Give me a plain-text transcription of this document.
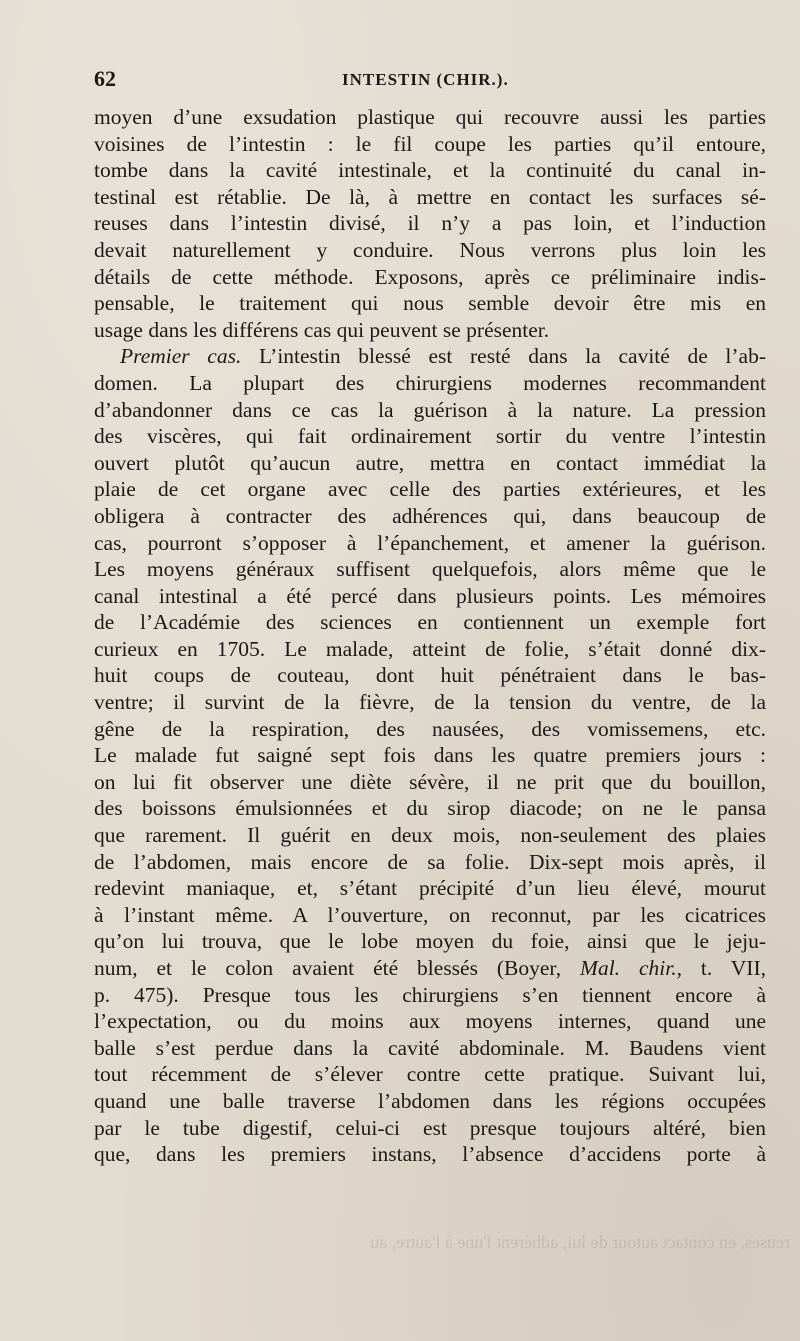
62	INTESTIN (CHIR.).
moyen d’une exsudation plastique qui recouvre aussi les parties
voisines de l’intestin : le fil coupe les parties qu’il entoure,
tombe dans la cavité intestinale, et la continuité du canal in-
testinal est rétablie. De là, à mettre en contact les surfaces sé-
reuses dans l’intestin divisé, il n’y a pas loin, et l’induction
devait naturellement y conduire. Nous verrons plus loin les
détails de cette méthode. Exposons, après ce préliminaire indis-
pensable, le traitement qui nous semble devoir être mis en
usage dans les différens cas qui peuvent se présenter.
Premier cas. L’intestin blessé est resté dans la cavité de l’ab-
domen. La plupart des chirurgiens modernes recommandent
d’abandonner dans ce cas la guérison à la nature. La pression
des viscères, qui fait ordinairement sortir du ventre l’intestin
ouvert plutôt qu’aucun autre, mettra en contact immédiat la
plaie de cet organe avec celle des parties extérieures, et les
obligera à contracter des adhérences qui, dans beaucoup de
cas, pourront s’opposer à l’épanchement, et amener la guérison.
Les moyens généraux suffisent quelquefois, alors même que le
canal intestinal a été percé dans plusieurs points. Les mémoires
de l’Académie des sciences en contiennent un exemple fort
curieux en 1705. Le malade, atteint de folie, s’était donné dix-
huit coups de couteau, dont huit pénétraient dans le bas-
ventre; il survint de la fièvre, de la tension du ventre, de la
gêne de la respiration, des nausées, des vomissemens, etc.
Le malade fut saigné sept fois dans les quatre premiers jours :
on lui fit observer une diète sévère, il ne prit que du bouillon,
des boissons émulsionnées et du sirop diacode; on ne le pansa
que rarement. Il guérit en deux mois, non-seulement des plaies
de l’abdomen, mais encore de sa folie. Dix-sept mois après, il
redevint maniaque, et, s’étant précipité d’un lieu élevé, mourut
à l’instant même. A l’ouverture, on reconnut, par les cicatrices
qu’on lui trouva, que le lobe moyen du foie, ainsi que le jeju-
num, et le colon avaient été blessés (Boyer, Mal. chir., t. VII,
p. 475). Presque tous les chirurgiens s’en tiennent encore à
l’expectation, ou du moins aux moyens internes, quand une
balle s’est perdue dans la cavité abdominale. M. Baudens vient
tout récemment de s’élever contre cette pratique. Suivant lui,
quand une balle traverse l’abdomen dans les régions occupées
par le tube digestif, celui-ci est presque toujours altéré, bien
que, dans les premiers instans, l’absence d’accidens porte à
reuses, en contact autour de lui, adhérent l'une à l'autre, au
